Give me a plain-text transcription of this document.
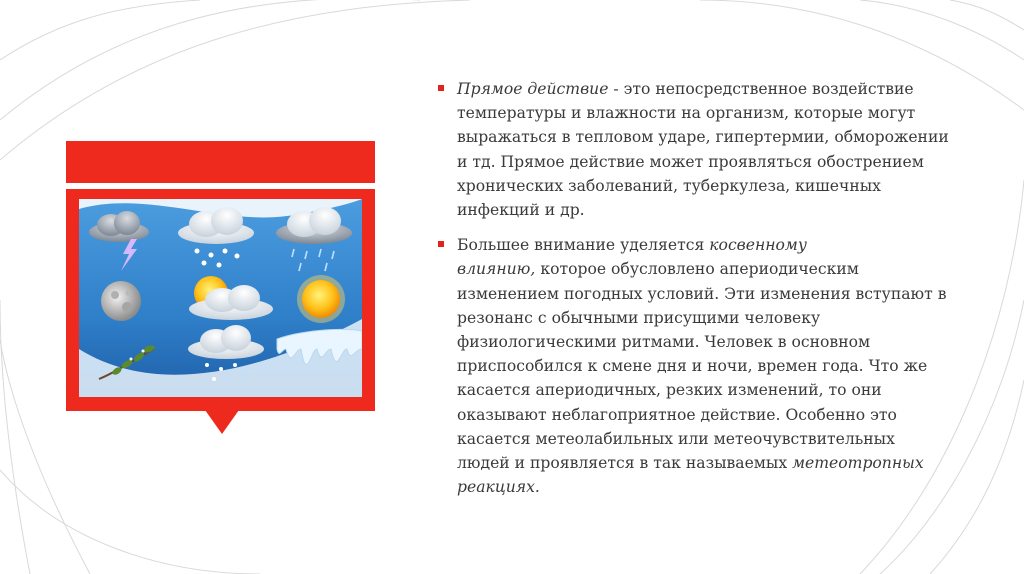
Прямое действие - это непосредственное воздействие
температуры и влажности на организм, которые могут
выражаться в тепловом ударе, гипертермии, обморожении
и тд. Прямое действие может проявляться обострением
хронических заболеваний, туберкулеза, кишечных
инфекций и др.

Большее внимание уделяется косвенному
влиянию, которое обусловлено апериодическим
изменением погодных условий. Эти изменения вступают в
резонанс с обычными присущими человеку
физиологическими ритмами. Человек в основном
приспособился к смене дня и ночи, времен года. Что же
касается апериодичных, резких изменений, то они
оказывают неблагоприятное действие. Особенно это
касается метеолабильных или метеочувствительных
людей и проявляется в так называемых метеотропных
реакциях.
